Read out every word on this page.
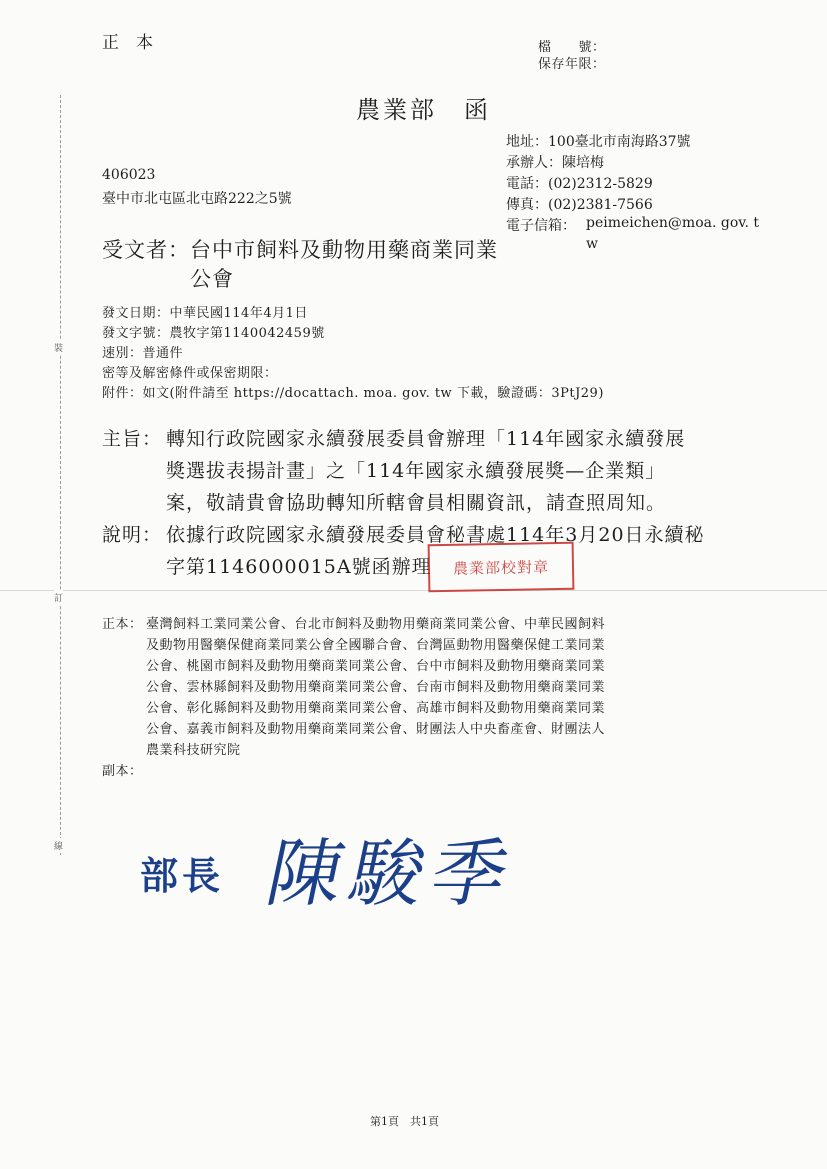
裝
訂
線
正　本	檔　　號：
保存年限：
農業部　函
地址：100臺北市南海路37號
承辦人：陳培梅
電話：(02)2312-5829
傳真：(02)2381-7566
電子信箱： peimeichen@moa. gov. t
w
406023
臺中市北屯區北屯路222之5號
受文者： 台中市飼料及動物用藥商業同業
公會
發文日期：中華民國114年4月1日
發文字號：農牧字第1140042459號
速別：普通件
密等及解密條件或保密期限：
附件：如文(附件請至 https://docattach. moa. gov. tw 下載，驗證碼：3PtJ29)
主旨： 轉知行政院國家永續發展委員會辦理「114年國家永續發展
獎選拔表揚計畫」之「114年國家永續發展獎—企業類」
案，敬請貴會協助轉知所轄會員相關資訊，請查照周知。
說明： 依據行政院國家永續發展委員會秘書處114年3月20日永續秘
字第1146000015A號函辦理 農業部校對章
正本： 臺灣飼料工業同業公會、台北市飼料及動物用藥商業同業公會、中華民國飼料
及動物用醫藥保健商業同業公會全國聯合會、台灣區動物用醫藥保健工業同業
公會、桃園市飼料及動物用藥商業同業公會、台中市飼料及動物用藥商業同業
公會、雲林縣飼料及動物用藥商業同業公會、台南市飼料及動物用藥商業同業
公會、彰化縣飼料及動物用藥商業同業公會、高雄市飼料及動物用藥商業同業
公會、嘉義市飼料及動物用藥商業同業公會、財團法人中央畜產會、財團法人
農業科技研究院
副本：
部長 陳駿季
第1頁　共1頁
